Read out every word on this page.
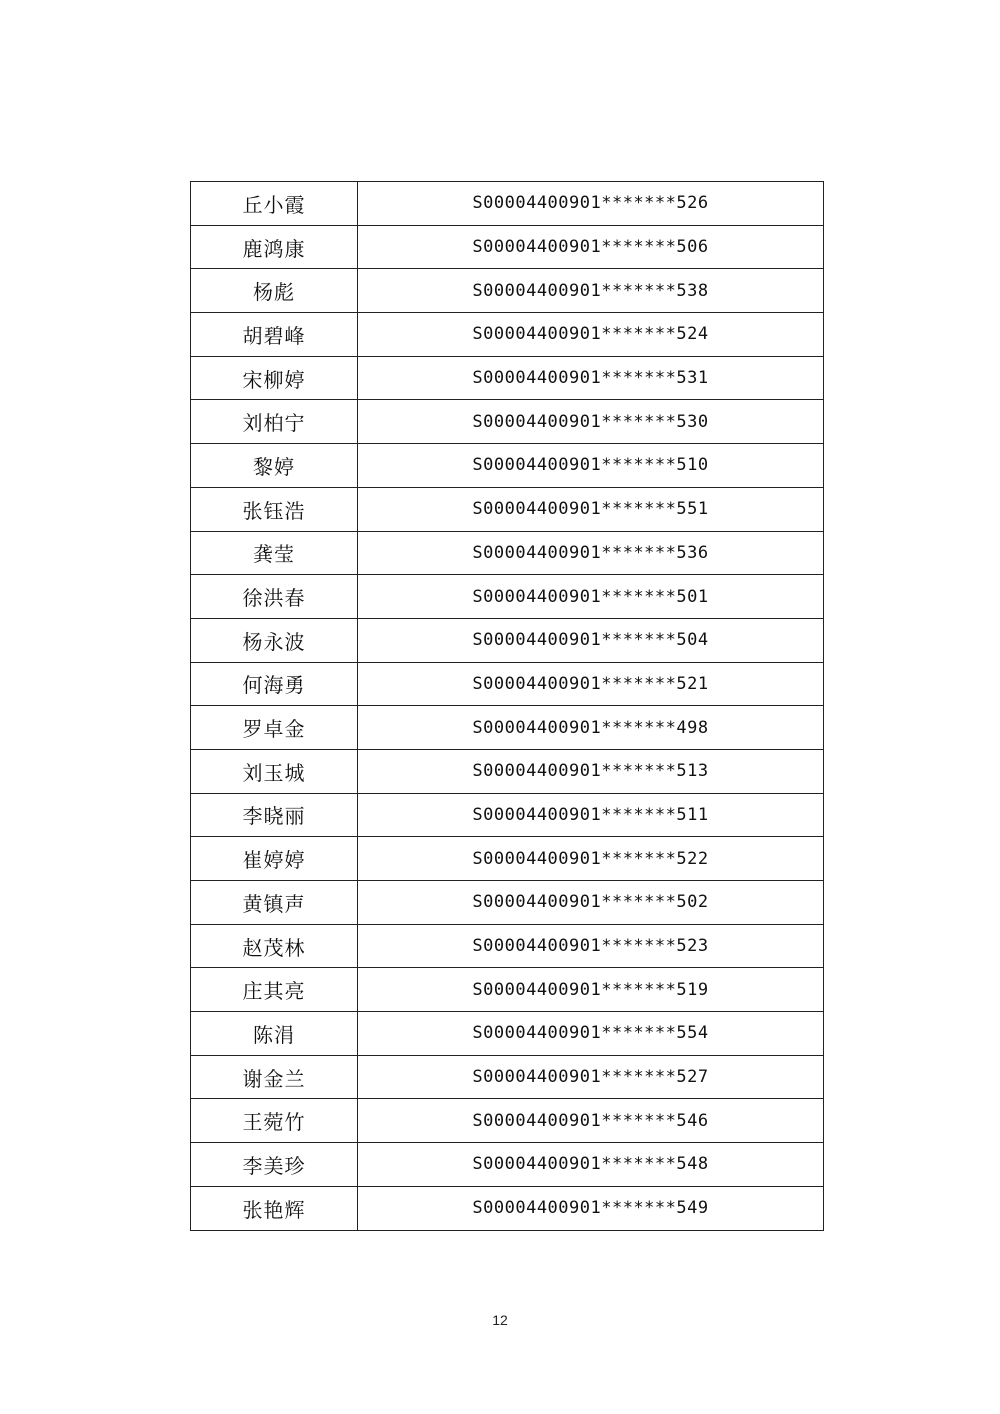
丘小霞	S00004400901*******526
鹿鸿康	S00004400901*******506
杨彪	S00004400901*******538
胡碧峰	S00004400901*******524
宋柳婷	S00004400901*******531
刘柏宁	S00004400901*******530
黎婷	S00004400901*******510
张钰浩	S00004400901*******551
龚莹	S00004400901*******536
徐洪春	S00004400901*******501
杨永波	S00004400901*******504
何海勇	S00004400901*******521
罗卓金	S00004400901*******498
刘玉城	S00004400901*******513
李晓丽	S00004400901*******511
崔婷婷	S00004400901*******522
黄镇声	S00004400901*******502
赵茂林	S00004400901*******523
庄其亮	S00004400901*******519
陈涓	S00004400901*******554
谢金兰	S00004400901*******527
王菀竹	S00004400901*******546
李美珍	S00004400901*******548
张艳辉	S00004400901*******549
12
